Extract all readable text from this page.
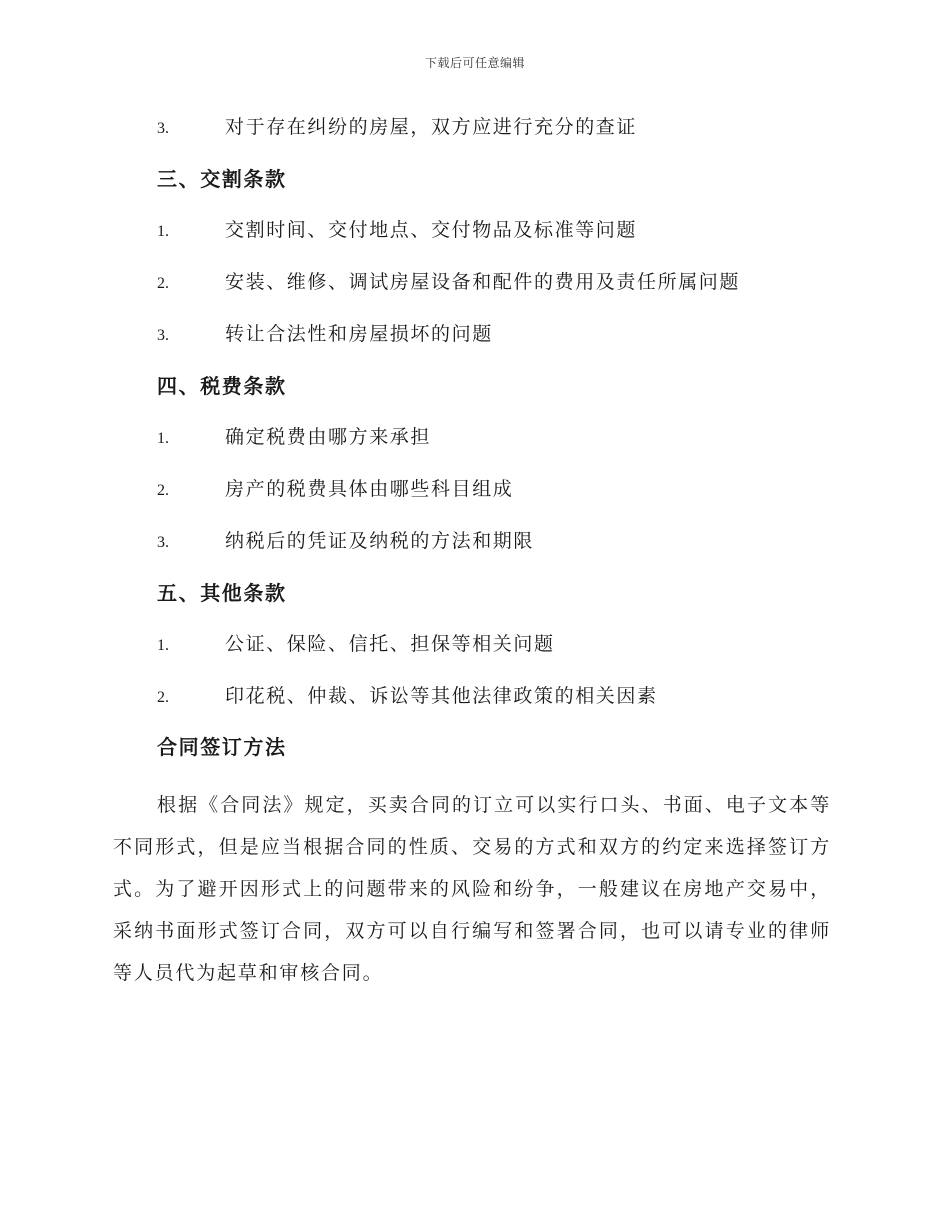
下载后可任意编辑
3.	对于存在纠纷的房屋，双方应进行充分的查证
三、交割条款
1.	交割时间、交付地点、交付物品及标准等问题
2.	安装、维修、调试房屋设备和配件的费用及责任所属问题
3.	转让合法性和房屋损坏的问题
四、税费条款
1.	确定税费由哪方来承担
2.	房产的税费具体由哪些科目组成
3.	纳税后的凭证及纳税的方法和期限
五、其他条款
1.	公证、保险、信托、担保等相关问题
2.	印花税、仲裁、诉讼等其他法律政策的相关因素
合同签订方法
根据《合同法》规定，买卖合同的订立可以实行口头、书面、电子文本等不同形式，但是应当根据合同的性质、交易的方式和双方的约定来选择签订方式。为了避开因形式上的问题带来的风险和纷争，一般建议在房地产交易中，采纳书面形式签订合同，双方可以自行编写和签署合同，也可以请专业的律师等人员代为起草和审核合同。
